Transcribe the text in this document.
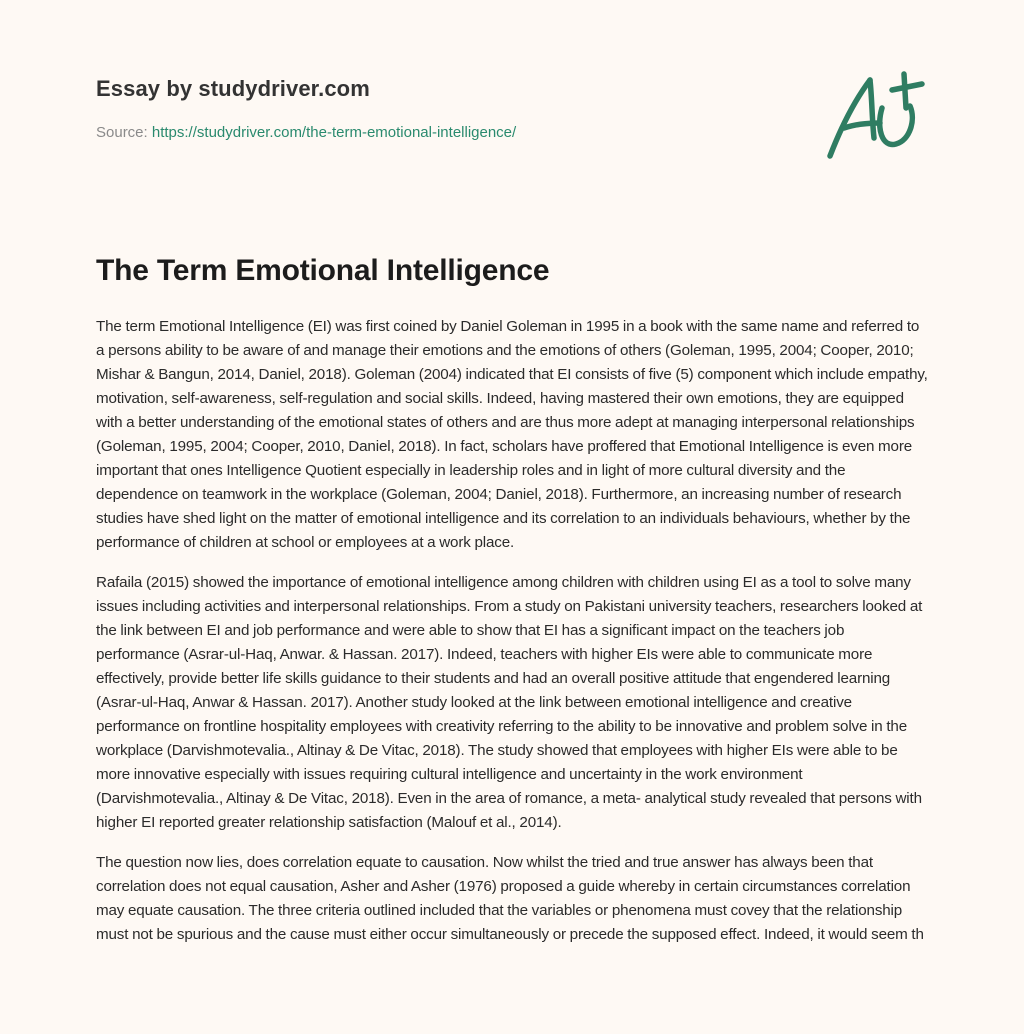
Essay by studydriver.com
Source: https://studydriver.com/the-term-emotional-intelligence/
The Term Emotional Intelligence

The term Emotional Intelligence (EI) was first coined by Daniel Goleman in 1995 in a book with the same name and referred to a persons ability to be aware of and manage their emotions and the emotions of others (Goleman, 1995, 2004; Cooper, 2010; Mishar & Bangun, 2014, Daniel, 2018). Goleman (2004) indicated that EI consists of five (5) component which include empathy, motivation, self-awareness, self-regulation and social skills. Indeed, having mastered their own emotions, they are equipped with a better understanding of the emotional states of others and are thus more adept at managing interpersonal relationships (Goleman, 1995, 2004; Cooper, 2010, Daniel, 2018). In fact, scholars have proffered that Emotional Intelligence is even more important that ones Intelligence Quotient especially in leadership roles and in light of more cultural diversity and the dependence on teamwork in the workplace (Goleman, 2004; Daniel, 2018). Furthermore, an increasing number of research studies have shed light on the matter of emotional intelligence and its correlation to an individuals behaviours, whether by the performance of children at school or employees at a work place.

Rafaila (2015) showed the importance of emotional intelligence among children with children using EI as a tool to solve many issues including activities and interpersonal relationships. From a study on Pakistani university teachers, researchers looked at the link between EI and job performance and were able to show that EI has a significant impact on the teachers job performance (Asrar-ul-Haq, Anwar. & Hassan. 2017). Indeed, teachers with higher EIs were able to communicate more effectively, provide better life skills guidance to their students and had an overall positive attitude that engendered learning (Asrar-ul-Haq, Anwar & Hassan. 2017). Another study looked at the link between emotional intelligence and creative performance on frontline hospitality employees with creativity referring to the ability to be innovative and problem solve in the workplace (Darvishmotevalia., Altinay & De Vitac, 2018). The study showed that employees with higher EIs were able to be more innovative especially with issues requiring cultural intelligence and uncertainty in the work environment (Darvishmotevalia., Altinay & De Vitac, 2018). Even in the area of romance, a meta- analytical study revealed that persons with higher EI reported greater relationship satisfaction (Malouf et al., 2014).

The question now lies, does correlation equate to causation. Now whilst the tried and true answer has always been that correlation does not equal causation, Asher and Asher (1976) proposed a guide whereby in certain circumstances correlation may equate causation. The three criteria outlined included that the variables or phenomena must covey that the relationship must not be spurious and the cause must either occur simultaneously or precede the supposed effect. Indeed, it would seem th
